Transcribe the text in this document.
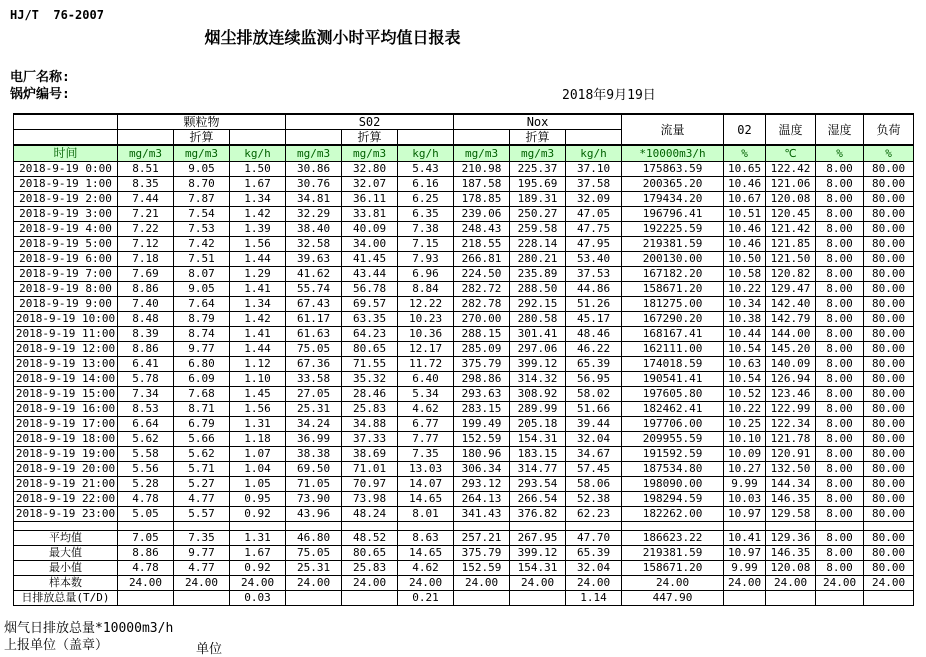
HJ/T  76-2007
烟尘排放连续监测小时平均值日报表
电厂名称:
锅炉编号:	2018年9月19日
	颗粒物			S02			Nox			流量	02	温度	湿度	负荷
		折算			折算			折算						
时间	mg/m3	mg/m3	kg/h	mg/m3	mg/m3	kg/h	mg/m3	mg/m3	kg/h	*10000m3/h	%	℃	%	%
2018-9-19 0:00	8.51	9.05	1.50	30.86	32.80	5.43	210.98	225.37	37.10	175863.59	10.65	122.42	8.00	80.00
2018-9-19 1:00	8.35	8.70	1.67	30.76	32.07	6.16	187.58	195.69	37.58	200365.20	10.46	121.06	8.00	80.00
2018-9-19 2:00	7.44	7.87	1.34	34.81	36.11	6.25	178.85	189.31	32.09	179434.20	10.67	120.08	8.00	80.00
2018-9-19 3:00	7.21	7.54	1.42	32.29	33.81	6.35	239.06	250.27	47.05	196796.41	10.51	120.45	8.00	80.00
2018-9-19 4:00	7.22	7.53	1.39	38.40	40.09	7.38	248.43	259.58	47.75	192225.59	10.46	121.42	8.00	80.00
2018-9-19 5:00	7.12	7.42	1.56	32.58	34.00	7.15	218.55	228.14	47.95	219381.59	10.46	121.85	8.00	80.00
2018-9-19 6:00	7.18	7.51	1.44	39.63	41.45	7.93	266.81	280.21	53.40	200130.00	10.50	121.50	8.00	80.00
2018-9-19 7:00	7.69	8.07	1.29	41.62	43.44	6.96	224.50	235.89	37.53	167182.20	10.58	120.82	8.00	80.00
2018-9-19 8:00	8.86	9.05	1.41	55.74	56.78	8.84	282.72	288.50	44.86	158671.20	10.22	129.47	8.00	80.00
2018-9-19 9:00	7.40	7.64	1.34	67.43	69.57	12.22	282.78	292.15	51.26	181275.00	10.34	142.40	8.00	80.00
2018-9-19 10:00	8.48	8.79	1.42	61.17	63.35	10.23	270.00	280.58	45.17	167290.20	10.38	142.79	8.00	80.00
2018-9-19 11:00	8.39	8.74	1.41	61.63	64.23	10.36	288.15	301.41	48.46	168167.41	10.44	144.00	8.00	80.00
2018-9-19 12:00	8.86	9.77	1.44	75.05	80.65	12.17	285.09	297.06	46.22	162111.00	10.54	145.20	8.00	80.00
2018-9-19 13:00	6.41	6.80	1.12	67.36	71.55	11.72	375.79	399.12	65.39	174018.59	10.63	140.09	8.00	80.00
2018-9-19 14:00	5.78	6.09	1.10	33.58	35.32	6.40	298.86	314.32	56.95	190541.41	10.54	126.94	8.00	80.00
2018-9-19 15:00	7.34	7.68	1.45	27.05	28.46	5.34	293.63	308.92	58.02	197605.80	10.52	123.46	8.00	80.00
2018-9-19 16:00	8.53	8.71	1.56	25.31	25.83	4.62	283.15	289.99	51.66	182462.41	10.22	122.99	8.00	80.00
2018-9-19 17:00	6.64	6.79	1.31	34.24	34.88	6.77	199.49	205.18	39.44	197706.00	10.25	122.34	8.00	80.00
2018-9-19 18:00	5.62	5.66	1.18	36.99	37.33	7.77	152.59	154.31	32.04	209955.59	10.10	121.78	8.00	80.00
2018-9-19 19:00	5.58	5.62	1.07	38.38	38.69	7.35	180.96	183.15	34.67	191592.59	10.09	120.91	8.00	80.00
2018-9-19 20:00	5.56	5.71	1.04	69.50	71.01	13.03	306.34	314.77	57.45	187534.80	10.27	132.50	8.00	80.00
2018-9-19 21:00	5.28	5.27	1.05	71.05	70.97	14.07	293.12	293.54	58.06	198090.00	9.99	144.34	8.00	80.00
2018-9-19 22:00	4.78	4.77	0.95	73.90	73.98	14.65	264.13	266.54	52.38	198294.59	10.03	146.35	8.00	80.00
2018-9-19 23:00	5.05	5.57	0.92	43.96	48.24	8.01	341.43	376.82	62.23	182262.00	10.97	129.58	8.00	80.00

平均值	7.05	7.35	1.31	46.80	48.52	8.63	257.21	267.95	47.70	186623.22	10.41	129.36	8.00	80.00
最大值	8.86	9.77	1.67	75.05	80.65	14.65	375.79	399.12	65.39	219381.59	10.97	146.35	8.00	80.00
最小值	4.78	4.77	0.92	25.31	25.83	4.62	152.59	154.31	32.04	158671.20	9.99	120.08	8.00	80.00
样本数	24.00	24.00	24.00	24.00	24.00	24.00	24.00	24.00	24.00	24.00	24.00	24.00	24.00	24.00
日排放总量(T/D)			0.03			0.21			1.14	447.90				
烟气日排放总量*10000m3/h
上报单位（盖章）	单位
